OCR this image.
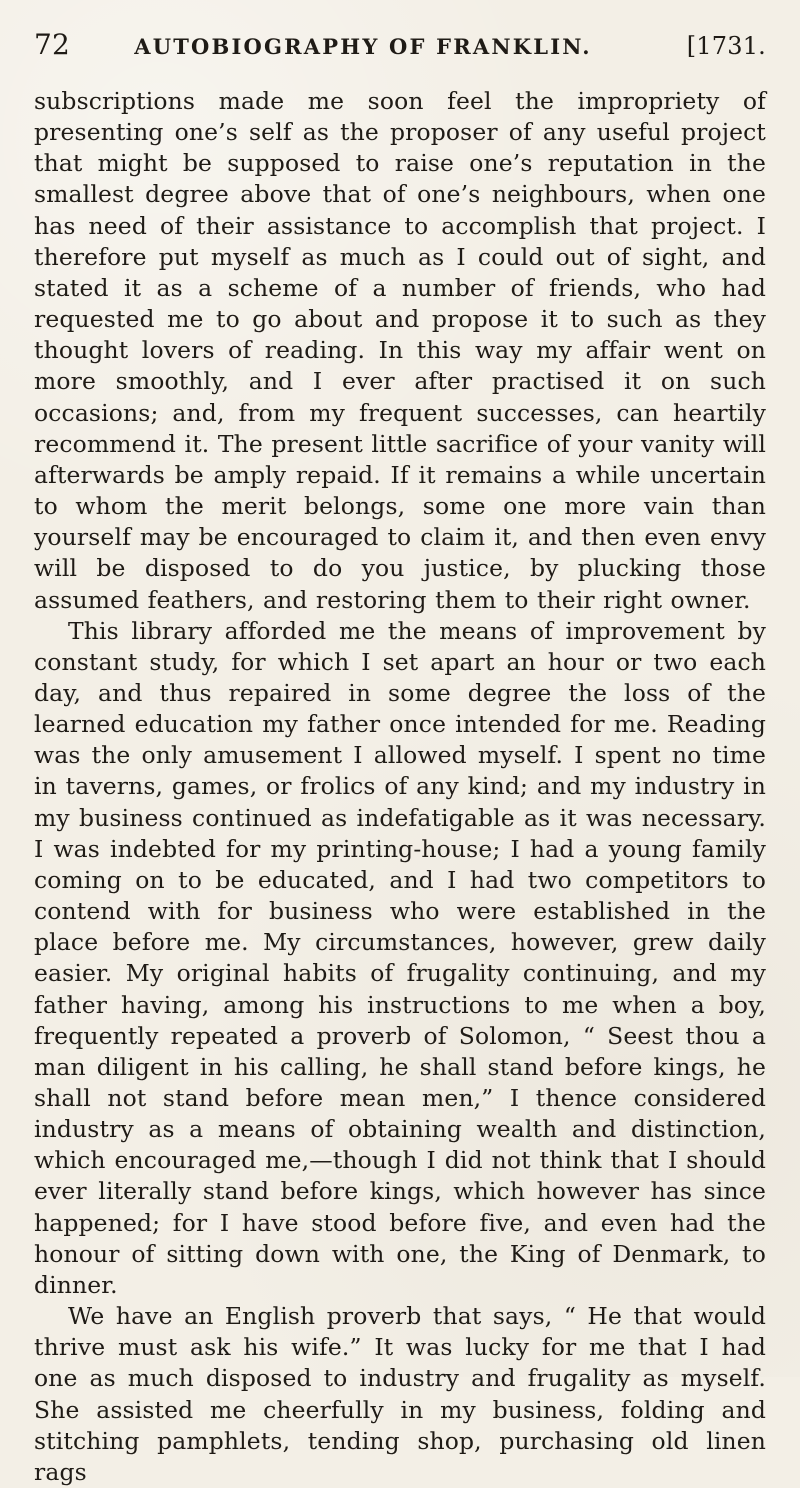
72	AUTOBIOGRAPHY OF FRANKLIN.	[1731.

subscriptions made me soon feel the impropriety of presenting one’s self as the proposer of any useful project that might be supposed to raise one’s reputation in the smallest degree above that of one’s neighbours, when one has need of their assistance to accomplish that project. I therefore put myself as much as I could out of sight, and stated it as a scheme of a number of friends, who had requested me to go about and propose it to such as they thought lovers of reading. In this way my affair went on more smoothly, and I ever after practised it on such occasions; and, from my frequent successes, can heartily recommend it. The present little sacrifice of your vanity will afterwards be amply repaid. If it remains a while uncertain to whom the merit belongs, some one more vain than yourself may be encouraged to claim it, and then even envy will be disposed to do you justice, by plucking those assumed feathers, and restoring them to their right owner.

This library afforded me the means of improvement by constant study, for which I set apart an hour or two each day, and thus repaired in some degree the loss of the learned education my father once intended for me. Reading was the only amusement I allowed myself. I spent no time in taverns, games, or frolics of any kind; and my industry in my business continued as indefatigable as it was necessary. I was indebted for my printing-house; I had a young family coming on to be educated, and I had two competitors to contend with for business who were established in the place before me. My circumstances, however, grew daily easier. My original habits of frugality continuing, and my father having, among his instructions to me when a boy, frequently repeated a proverb of Solomon, “ Seest thou a man diligent in his calling, he shall stand before kings, he shall not stand before mean men,” I thence considered industry as a means of obtaining wealth and distinction, which encouraged me,—though I did not think that I should ever literally stand before kings, which however has since happened; for I have stood before five, and even had the honour of sitting down with one, the King of Denmark, to dinner.

We have an English proverb that says, “ He that would thrive must ask his wife.” It was lucky for me that I had one as much disposed to industry and frugality as myself. She assisted me cheerfully in my business, folding and stitching pamphlets, tending shop, purchasing old linen rags
